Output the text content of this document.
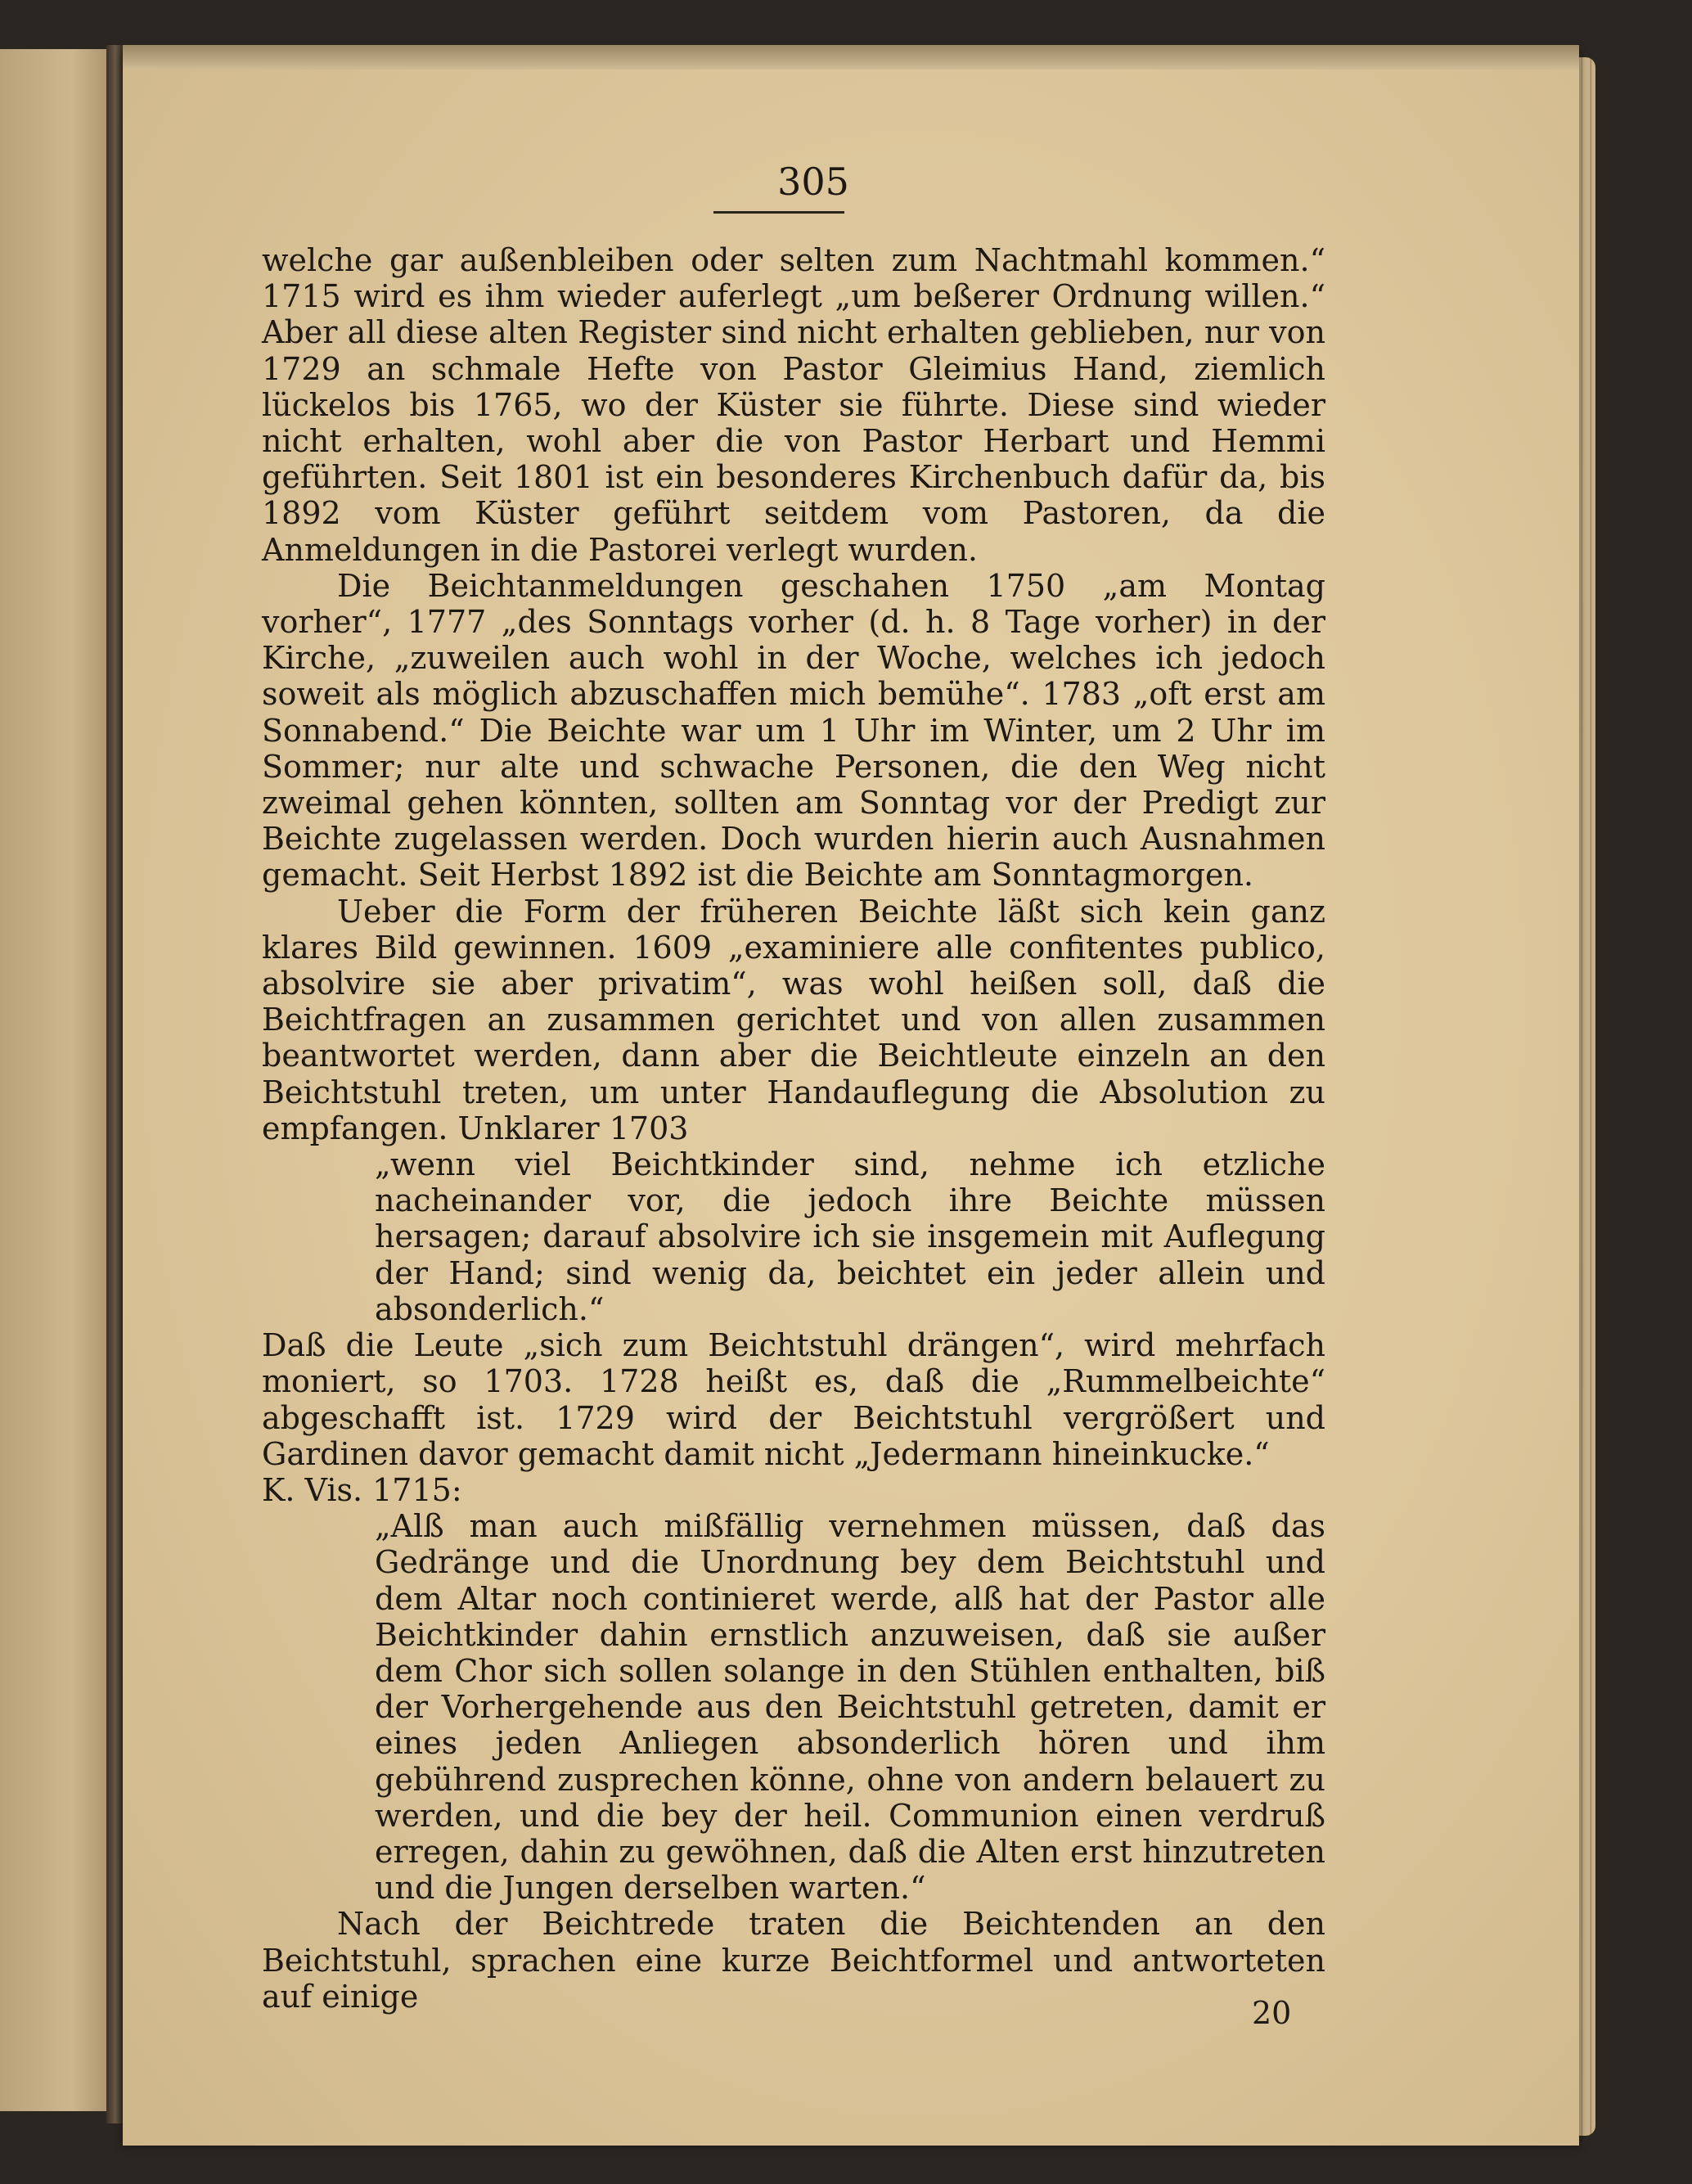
305

welche gar außenbleiben oder selten zum Nachtmahl kommen.“ 1715 wird es ihm wieder auferlegt „um beßerer Ordnung willen.“ Aber all diese alten Register sind nicht erhalten geblieben, nur von 1729 an schmale Hefte von Pastor Gleimius Hand, ziemlich lückelos bis 1765, wo der Küster sie führte. Diese sind wieder nicht erhalten, wohl aber die von Pastor Herbart und Hemmi geführten. Seit 1801 ist ein besonderes Kirchenbuch dafür da, bis 1892 vom Küster geführt seitdem vom Pastoren, da die Anmeldungen in die Pastorei verlegt wurden.

Die Beichtanmeldungen geschahen 1750 „am Montag vorher“, 1777 „des Sonntags vorher (d. h. 8 Tage vorher) in der Kirche, „zuweilen auch wohl in der Woche, welches ich jedoch soweit als möglich abzuschaffen mich bemühe“. 1783 „oft erst am Sonnabend.“ Die Beichte war um 1 Uhr im Winter, um 2 Uhr im Sommer; nur alte und schwache Personen, die den Weg nicht zweimal gehen könnten, sollten am Sonntag vor der Predigt zur Beichte zugelassen werden. Doch wurden hierin auch Ausnahmen gemacht. Seit Herbst 1892 ist die Beichte am Sonntagmorgen.

Ueber die Form der früheren Beichte läßt sich kein ganz klares Bild gewinnen. 1609 „examiniere alle confitentes publico, absolvire sie aber privatim“, was wohl heißen soll, daß die Beichtfragen an zusammen gerichtet und von allen zusammen beantwortet werden, dann aber die Beichtleute einzeln an den Beichtstuhl treten, um unter Handauflegung die Absolution zu empfangen. Unklarer 1703

„wenn viel Beichtkinder sind, nehme ich etzliche nacheinander vor, die jedoch ihre Beichte müssen hersagen; darauf absolvire ich sie insgemein mit Auflegung der Hand; sind wenig da, beichtet ein jeder allein und absonderlich.“

Daß die Leute „sich zum Beichtstuhl drängen“, wird mehrfach moniert, so 1703. 1728 heißt es, daß die „Rummelbeichte“ abgeschafft ist. 1729 wird der Beichtstuhl vergrößert und Gardinen davor gemacht damit nicht „Jedermann hineinkucke.“

K. Vis. 1715:

„Alß man auch mißfällig vernehmen müssen, daß das Gedränge und die Unordnung bey dem Beichtstuhl und dem Altar noch continieret werde, alß hat der Pastor alle Beichtkinder dahin ernstlich anzuweisen, daß sie außer dem Chor sich sollen solange in den Stühlen enthalten, biß der Vorhergehende aus den Beichtstuhl getreten, damit er eines jeden Anliegen absonderlich hören und ihm gebührend zusprechen könne, ohne von andern belauert zu werden, und die bey der heil. Communion einen verdruß erregen, dahin zu gewöhnen, daß die Alten erst hinzutreten und die Jungen derselben warten.“

Nach der Beichtrede traten die Beichtenden an den Beichtstuhl, sprachen eine kurze Beichtformel und antworteten auf einige	20
